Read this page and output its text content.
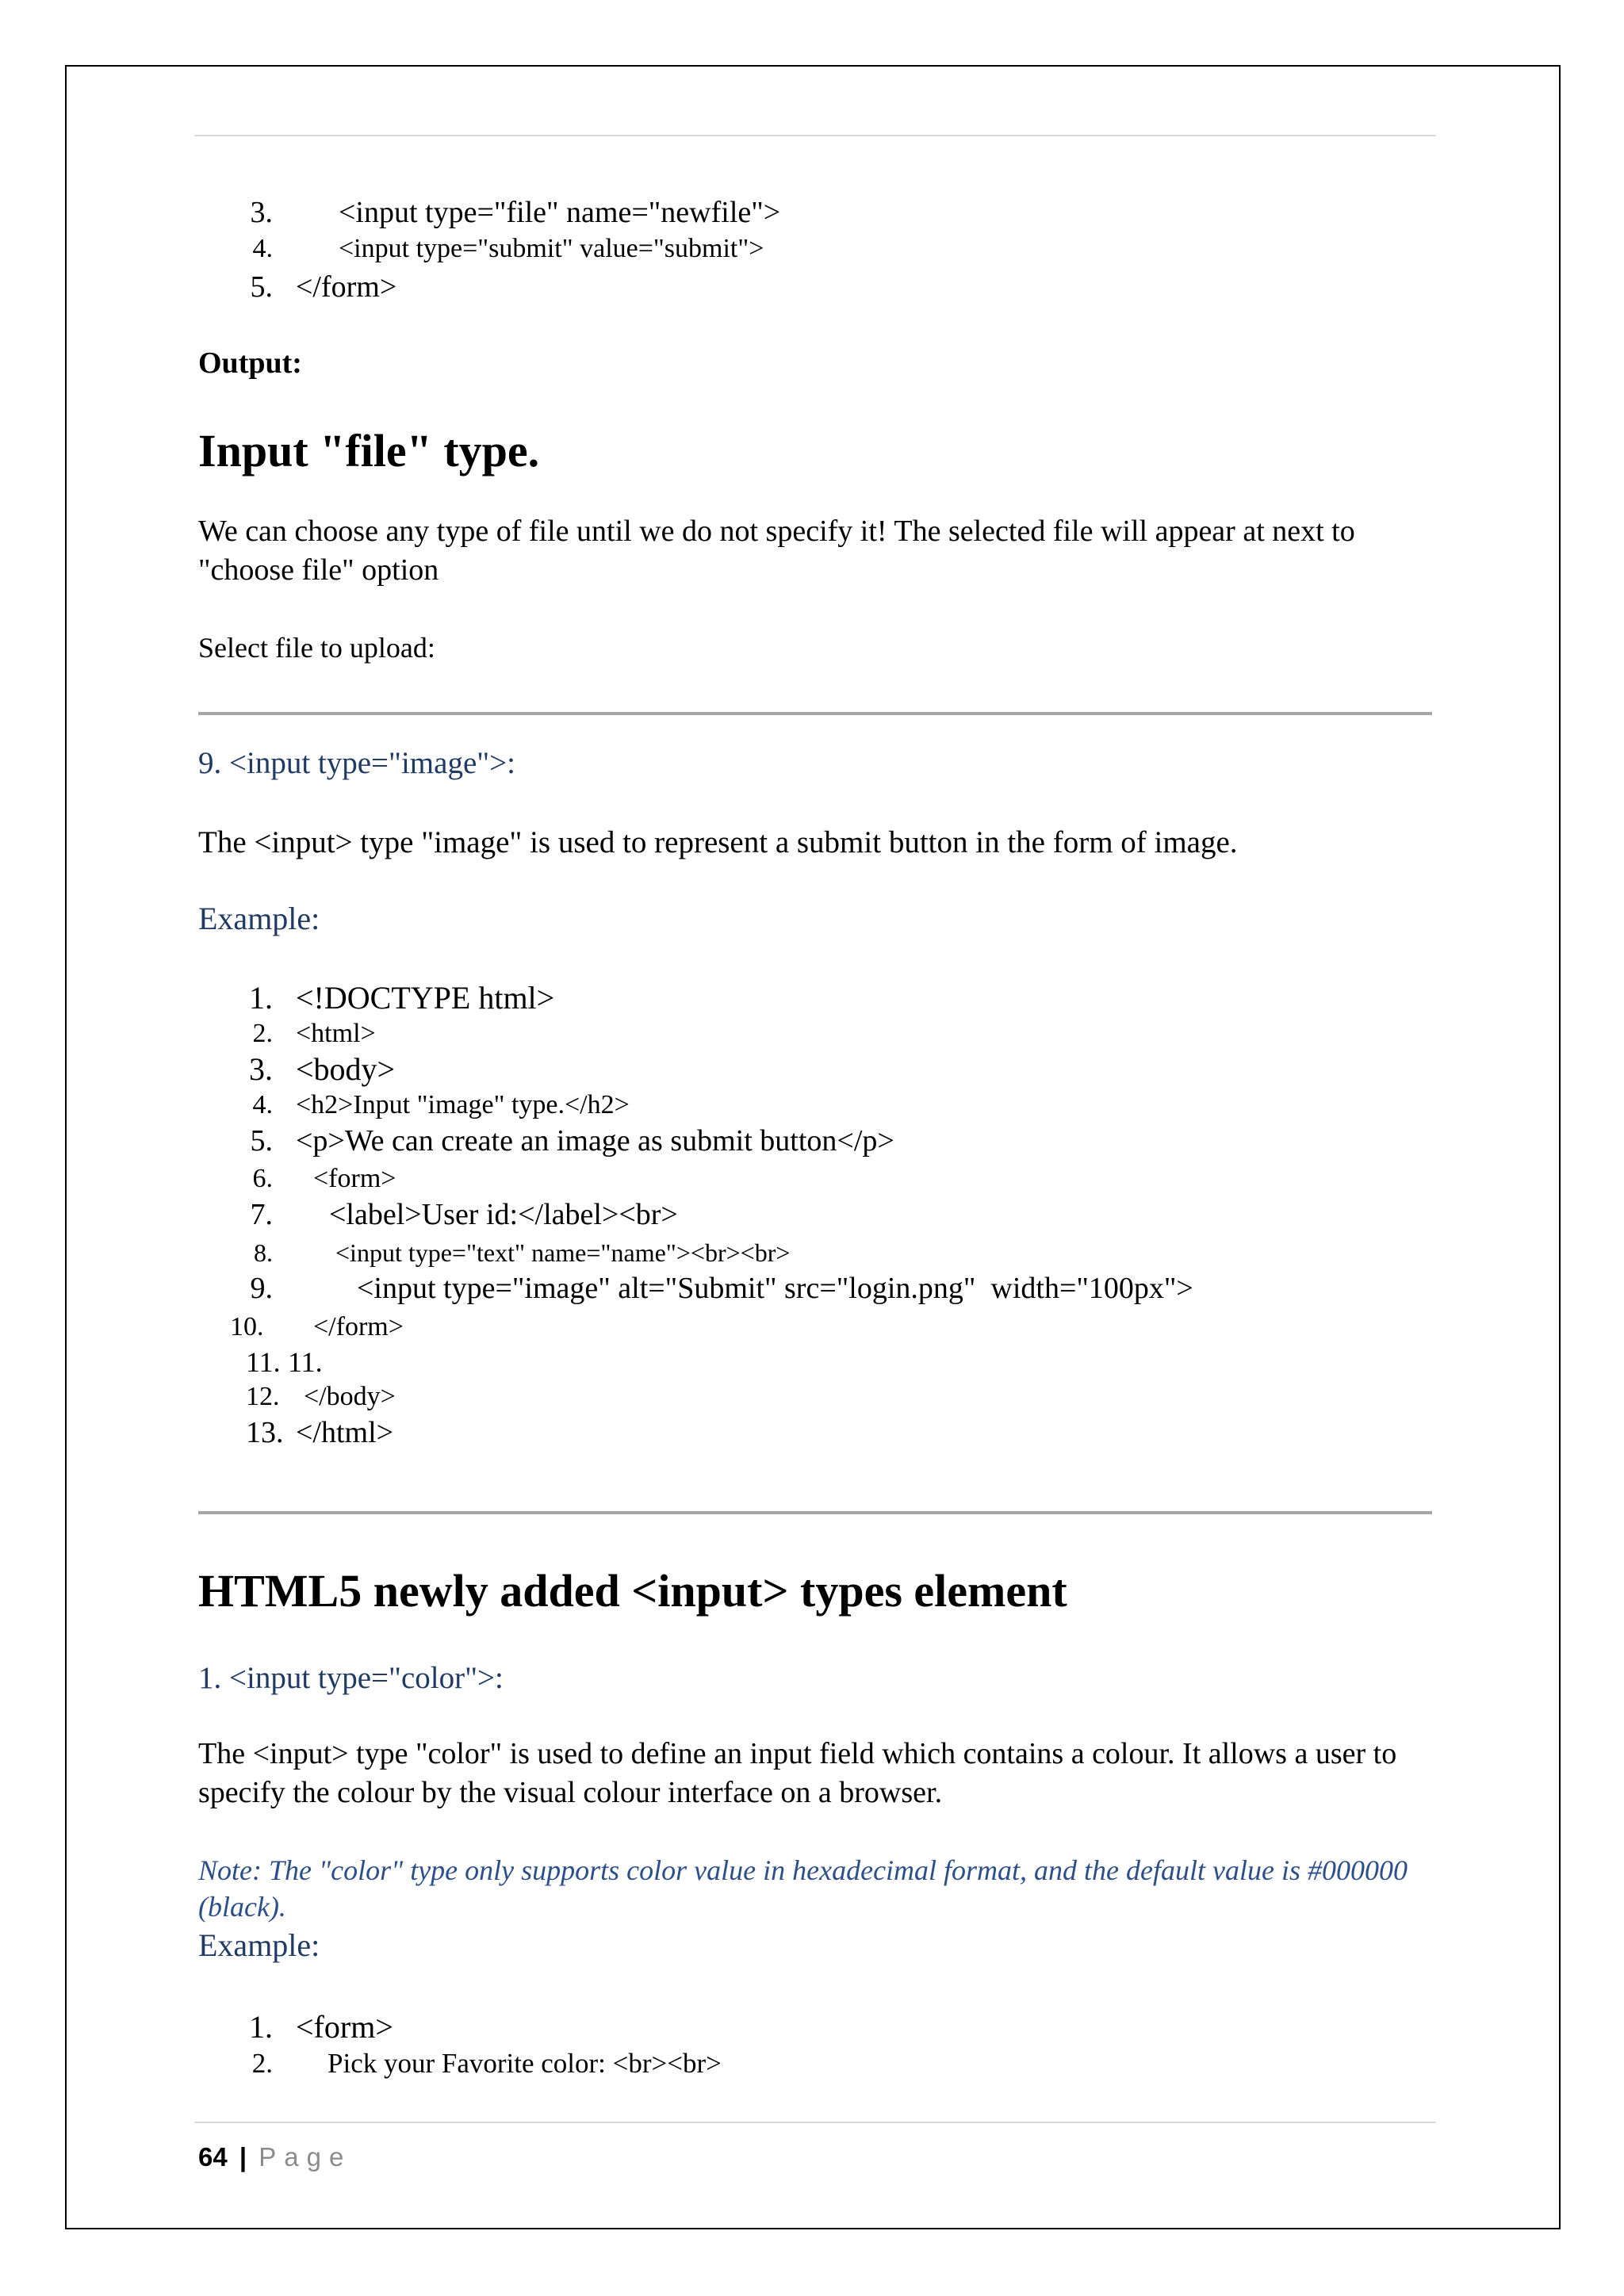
3. <input type="file" name="newfile">
4. <input type="submit" value="submit">
5. </form>
Output:
Input "file" type.
We can choose any type of file until we do not specify it! The selected file will appear at next to "choose file" option
Select file to upload:
9. <input type="image">:
The <input> type "image" is used to represent a submit button in the form of image.
Example:
1. <!DOCTYPE html>
2. <html>
3. <body>
4. <h2>Input "image" type.</h2>
5. <p>We can create an image as submit button</p>
6. <form>
7. <label>User id:</label><br>
8. <input type="text" name="name"><br><br>
9.	<input type="image" alt="Submit" src="login.png"  width="100px">
10.	</form>
11. 11.
12. </body>
13. </html>
HTML5 newly added <input> types element
1. <input type="color">:
The <input> type "color" is used to define an input field which contains a colour. It allows a user to specify the colour by the visual colour interface on a browser.
Note: The "color" type only supports color value in hexadecimal format, and the default value is #000000 (black).
Example:
1. <form>
2. Pick your Favorite color: <br><br>
64 | Page
